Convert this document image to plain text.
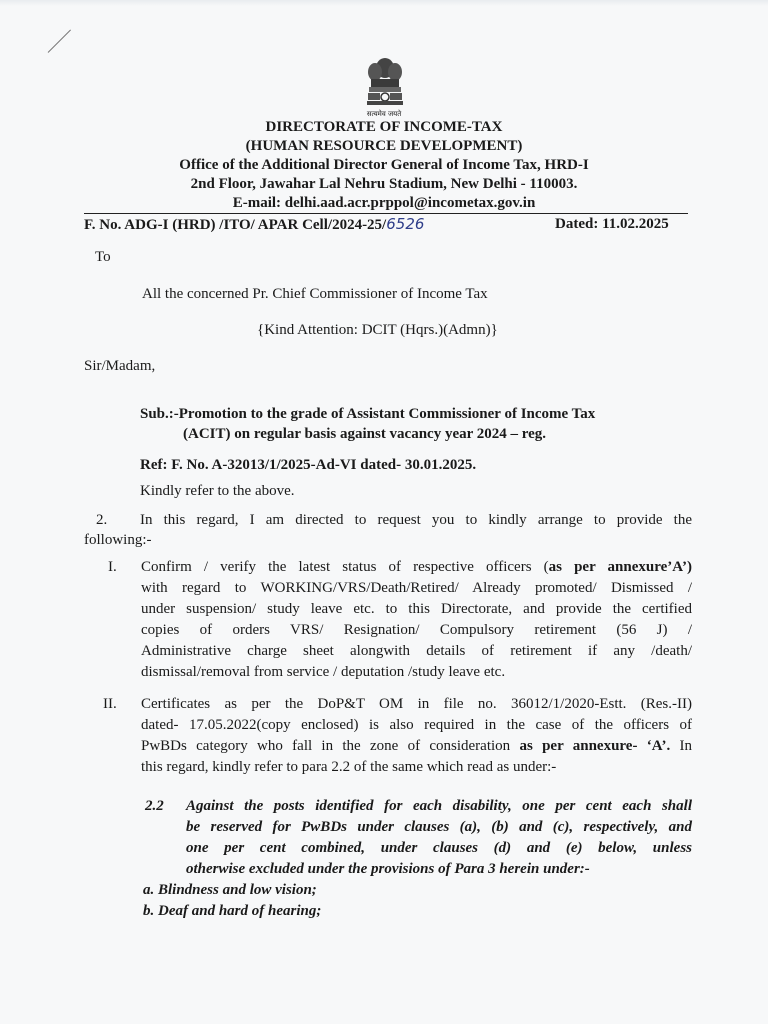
सत्यमेव जयते
DIRECTORATE OF INCOME-TAX
(HUMAN RESOURCE DEVELOPMENT)
Office of the Additional Director General of Income Tax, HRD-I
2nd Floor, Jawahar Lal Nehru Stadium, New Delhi - 110003.
E-mail: delhi.aad.acr.prppol@incometax.gov.in
F. No. ADG-I (HRD) /ITO/ APAR Cell/2024-25/6526	Dated: 11.02.2025
To
All the concerned Pr. Chief Commissioner of Income Tax
{Kind Attention: DCIT (Hqrs.)(Admn)}
Sir/Madam,
Sub.:-Promotion to the grade of Assistant Commissioner of Income Tax
(ACIT) on regular basis against vacancy year 2024 – reg.
Ref: F. No. A-32013/1/2025-Ad-VI dated- 30.01.2025.
Kindly refer to the above.
2. In this regard, I am directed to request you to kindly arrange to provide the
following:-
I. Confirm / verify the latest status of respective officers (as per annexure’A’)
with regard to WORKING/VRS/Death/Retired/ Already promoted/ Dismissed /
under suspension/ study leave etc. to this Directorate, and provide the certified
copies of orders VRS/ Resignation/ Compulsory retirement (56 J) /
Administrative charge sheet alongwith details of retirement if any /death/
dismissal/removal from service / deputation /study leave etc.
II. Certificates as per the DoP&T OM in file no. 36012/1/2020-Estt. (Res.-II)
dated- 17.05.2022(copy enclosed) is also required in the case of the officers of
PwBDs category who fall in the zone of consideration as per annexure- ‘A’. In
this regard, kindly refer to para 2.2 of the same which read as under:-
2.2 Against the posts identified for each disability, one per cent each shall
be reserved for PwBDs under clauses (a), (b) and (c), respectively, and
one per cent combined, under clauses (d) and (e) below, unless
otherwise excluded under the provisions of Para 3 herein under:-
a. Blindness and low vision;
b. Deaf and hard of hearing;
